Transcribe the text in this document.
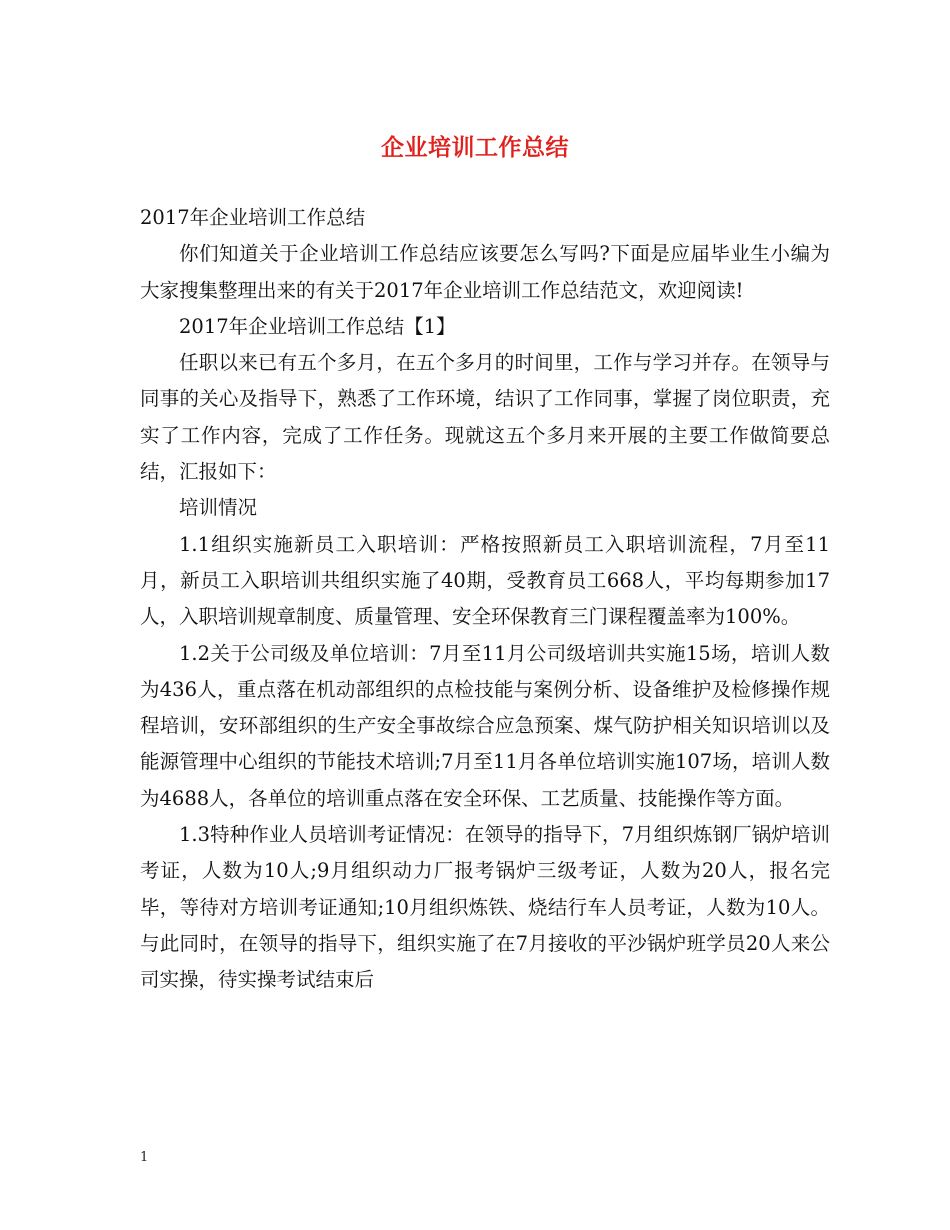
企业培训工作总结

2017年企业培训工作总结

你们知道关于企业培训工作总结应该要怎么写吗?下面是应届毕业生小编为大家搜集整理出来的有关于2017年企业培训工作总结范文，欢迎阅读!

2017年企业培训工作总结【1】

任职以来已有五个多月，在五个多月的时间里，工作与学习并存。在领导与同事的关心及指导下，熟悉了工作环境，结识了工作同事，掌握了岗位职责，充实了工作内容，完成了工作任务。现就这五个多月来开展的主要工作做简要总结，汇报如下：

培训情况

1.1组织实施新员工入职培训：严格按照新员工入职培训流程，7月至11月，新员工入职培训共组织实施了40期，受教育员工668人，平均每期参加17人，入职培训规章制度、质量管理、安全环保教育三门课程覆盖率为100%。

1.2关于公司级及单位培训：7月至11月公司级培训共实施15场，培训人数为436人，重点落在机动部组织的点检技能与案例分析、设备维护及检修操作规程培训，安环部组织的生产安全事故综合应急预案、煤气防护相关知识培训以及能源管理中心组织的节能技术培训;7月至11月各单位培训实施107场，培训人数为4688人，各单位的培训重点落在安全环保、工艺质量、技能操作等方面。

1.3特种作业人员培训考证情况：在领导的指导下，7月组织炼钢厂锅炉培训考证，人数为10人;9月组织动力厂报考锅炉三级考证，人数为20人，报名完毕，等待对方培训考证通知;10月组织炼铁、烧结行车人员考证，人数为10人。与此同时，在领导的指导下，组织实施了在7月接收的平沙锅炉班学员20人来公司实操，待实操考试结束后

1
